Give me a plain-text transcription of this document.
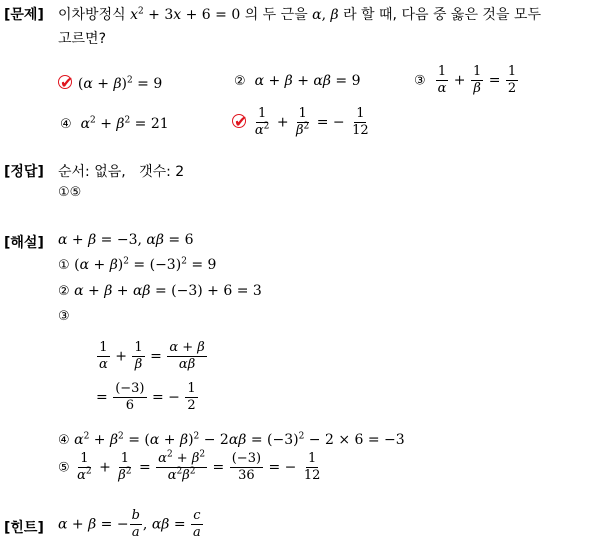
[문제] 이차방정식 $x^2 + 3x + 6 = 0$ 의 두 근을 α, β 라 할 때, 다음 중 옳은 것을 모두
고르면?
✔ $(\alpha + \beta)^2 = 9$	② α + β + αβ = 9	③ $\frac{1}{\alpha} + \frac{1}{\beta} = \frac{1}{2}$
④ $\alpha^2 + \beta^2 = 21$	✔ $\frac{1}{\alpha^2} + \frac{1}{\beta^2}$ = − $\frac{1}{12}$
[정답] 순서: 없음, 갯수: 2
①⑤
[해설] α + β = −3, αβ = 6
① $(\alpha + \beta)^2 = (-3)^2 = 9$
② α + β + αβ = (−3) + 6 = 3
③
$\frac{1}{\alpha} + \frac{1}{\beta} = \frac{\alpha + \beta}{\alpha\beta}$
= $\frac{(-3)}{6}$ = − $\frac{1}{2}$
④ $\alpha^2 + \beta^2 = (\alpha + \beta)^2 - 2\alpha\beta = (-3)^2 - 2 \times 6 = -3$
⑤ $\frac{1}{\alpha^2} + \frac{1}{\beta^2} = \frac{\alpha^2 + \beta^2}{\alpha^2\beta^2} = \frac{(-3)}{36}$ = − $\frac{1}{12}$
[힌트] α + β = − $\frac{b}{a}$ , $\alpha\beta = \frac{c}{a}$
